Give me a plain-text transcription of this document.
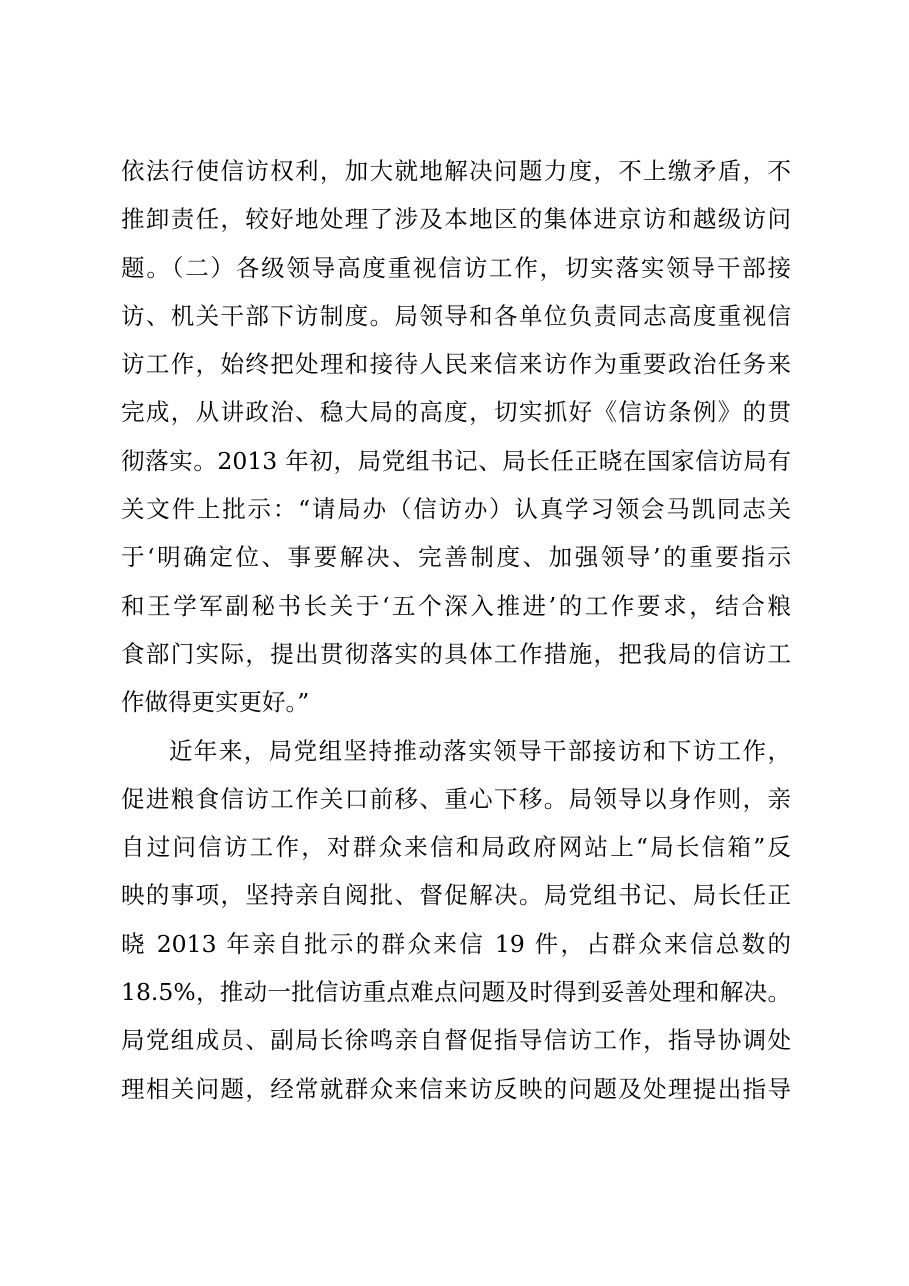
依法行使信访权利，加大就地解决问题力度，不上缴矛盾，不
推卸责任，较好地处理了涉及本地区的集体进京访和越级访问
题。（二）各级领导高度重视信访工作，切实落实领导干部接
访、机关干部下访制度。局领导和各单位负责同志高度重视信
访工作，始终把处理和接待人民来信来访作为重要政治任务来
完成，从讲政治、稳大局的高度，切实抓好《信访条例》的贯
彻落实。2013 年初，局党组书记、局长任正晓在国家信访局有
关文件上批示：“请局办（信访办）认真学习领会马凯同志关
于‘明确定位、事要解决、完善制度、加强领导’的重要指示
和王学军副秘书长关于‘五个深入推进’的工作要求，结合粮
食部门实际，提出贯彻落实的具体工作措施，把我局的信访工
作做得更实更好。”
近年来，局党组坚持推动落实领导干部接访和下访工作，
促进粮食信访工作关口前移、重心下移。局领导以身作则，亲
自过问信访工作，对群众来信和局政府网站上“局长信箱”反
映的事项，坚持亲自阅批、督促解决。局党组书记、局长任正
晓 2013 年亲自批示的群众来信 19 件，占群众来信总数的
18.5%，推动一批信访重点难点问题及时得到妥善处理和解决。
局党组成员、副局长徐鸣亲自督促指导信访工作，指导协调处
理相关问题，经常就群众来信来访反映的问题及处理提出指导
